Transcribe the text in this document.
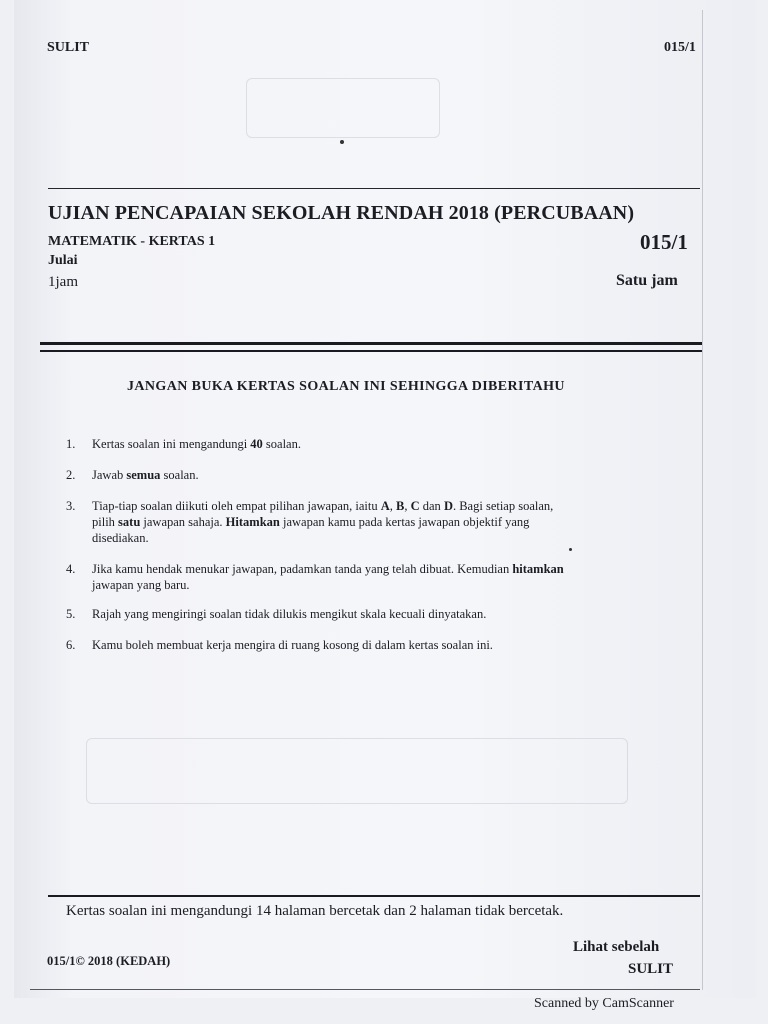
SULIT	015/1
UJIAN PENCAPAIAN SEKOLAH RENDAH 2018 (PERCUBAAN)
MATEMATIK - KERTAS 1	015/1
Julai
1jam	Satu jam
JANGAN BUKA KERTAS SOALAN INI SEHINGGA DIBERITAHU
1.	Kertas soalan ini mengandungi 40 soalan.
2.	Jawab semua soalan.
3.	Tiap-tiap soalan diikuti oleh empat pilihan jawapan, iaitu A, B, C dan D. Bagi setiap soalan, pilih satu jawapan sahaja. Hitamkan jawapan kamu pada kertas jawapan objektif yang disediakan.
4.	Jika kamu hendak menukar jawapan, padamkan tanda yang telah dibuat. Kemudian hitamkan jawapan yang baru.
5.	Rajah yang mengiringi soalan tidak dilukis mengikut skala kecuali dinyatakan.
6.	Kamu boleh membuat kerja mengira di ruang kosong di dalam kertas soalan ini.
Kertas soalan ini mengandungi 14 halaman bercetak dan 2 halaman tidak bercetak.
015/1© 2018 (KEDAH)
Lihat sebelah
SULIT
Scanned by CamScanner
